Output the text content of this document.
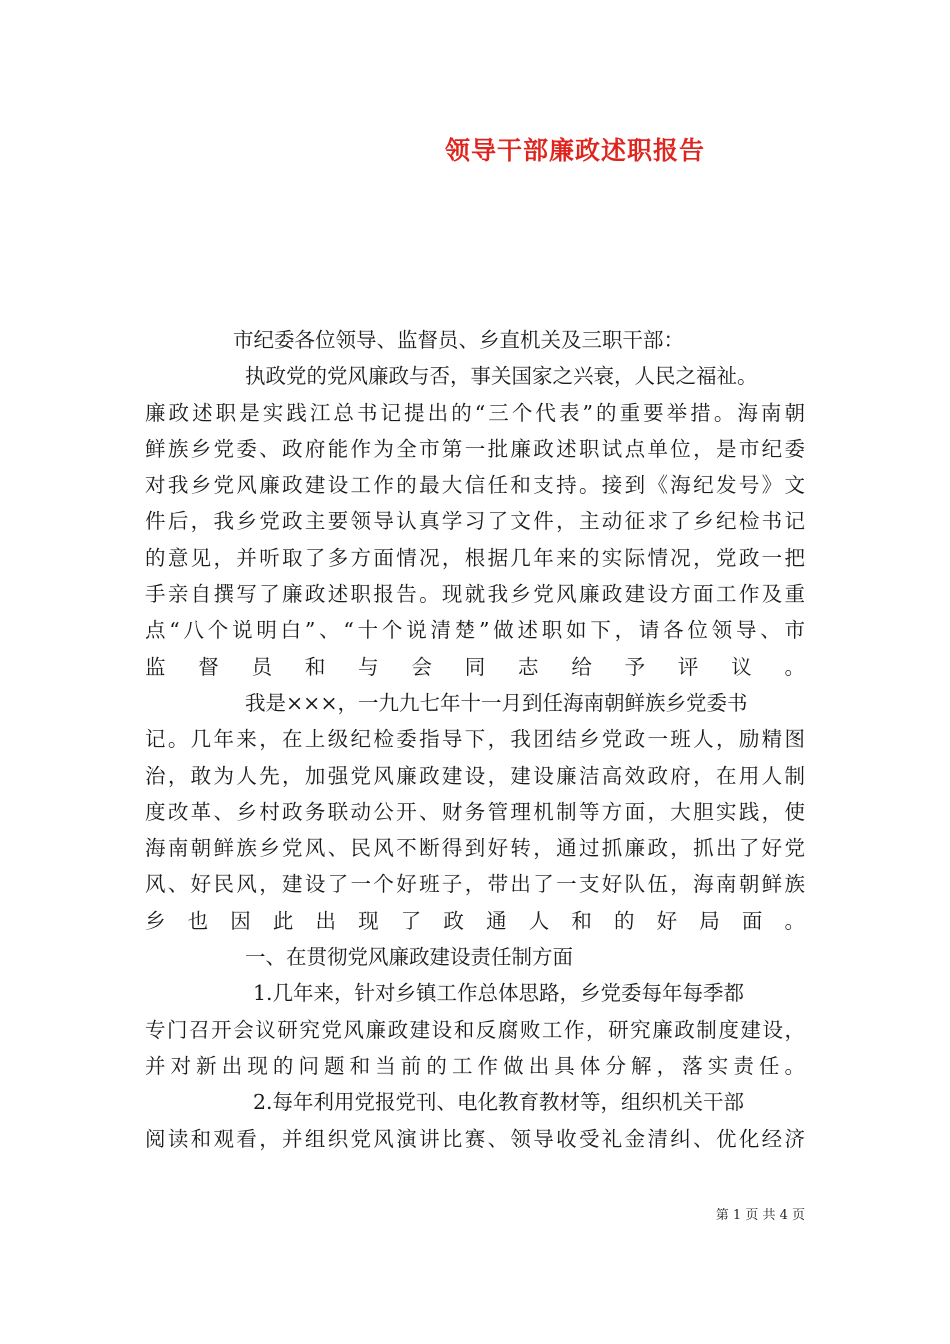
领导干部廉政述职报告
市纪委各位领导、监督员、乡直机关及三职干部：
执政党的党风廉政与否，事关国家之兴衰，人民之福祉。
廉政述职是实践江总书记提出的“三个代表”的重要举措。海南朝
鲜族乡党委、政府能作为全市第一批廉政述职试点单位，是市纪委
对我乡党风廉政建设工作的最大信任和支持。接到《海纪发号》文
件后，我乡党政主要领导认真学习了文件，主动征求了乡纪检书记
的意见，并听取了多方面情况，根据几年来的实际情况，党政一把
手亲自撰写了廉政述职报告。现就我乡党风廉政建设方面工作及重
点“八个说明白”、“十个说清楚”做述职如下，请各位领导、市
监督员和与会同志给予评议。
我是×××，一九九七年十一月到任海南朝鲜族乡党委书
记。几年来，在上级纪检委指导下，我团结乡党政一班人，励精图
治，敢为人先，加强党风廉政建设，建设廉洁高效政府，在用人制
度改革、乡村政务联动公开、财务管理机制等方面，大胆实践，使
海南朝鲜族乡党风、民风不断得到好转，通过抓廉政，抓出了好党
风、好民风，建设了一个好班子，带出了一支好队伍，海南朝鲜族
乡也因此出现了政通人和的好局面。
一、在贯彻党风廉政建设责任制方面
1.几年来，针对乡镇工作总体思路，乡党委每年每季都
专门召开会议研究党风廉政建设和反腐败工作，研究廉政制度建设，
并对新出现的问题和当前的工作做出具体分解，落实责任。
2.每年利用党报党刊、电化教育教材等，组织机关干部
阅读和观看，并组织党风演讲比赛、领导收受礼金清纠、优化经济
第 1 页 共 4 页
